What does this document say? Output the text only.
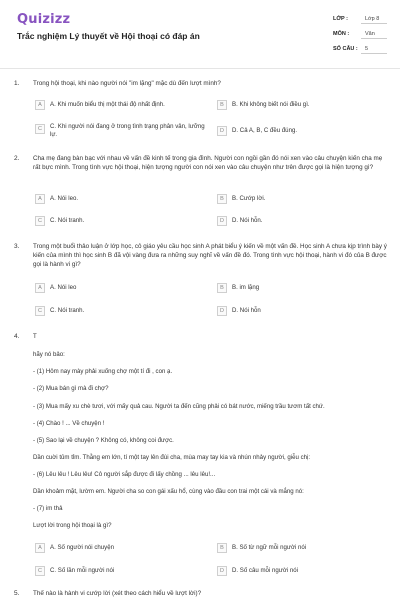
Quizizz
Trắc nghiệm Lý thuyết về Hội thoại có đáp án
LỚP :	Lớp 8
MÔN :	Văn
SỐ CÂU :	5
1. Trong hội thoại, khi nào người nói "im lặng" mặc dù đến lượt mình?
A	A. Khi muốn biểu thị một thái độ nhất định.	B	B. Khi không biết nói điều gì.
C	C. Khi người nói đang ở trong tình trạng phân vân, lưỡng lự.	D	D. Cả A, B, C đều đúng.
2. Cha mẹ đang bàn bạc với nhau về vấn đề kinh tế trong gia đình. Người con ngồi gần đó nói xen vào câu chuyện kiến cha mẹ rất bực mình. Trong tình vực hội thoại, hiện tượng người con nói xen vào câu chuyện như trên được gọi là hiện tượng gì?
A	A. Nói leo.	B	B. Cướp lời.
C	C. Nói tranh.	D	D. Nói hỗn.
3. Trong một buổi thảo luận ở lớp học, cô giáo yêu cầu học sinh A phát biểu ý kiến về một vấn đề. Học sinh A chưa kịp trình bày ý kiến của mình thì học sinh B đã vội vàng đưa ra những suy nghĩ về vấn đề đó. Trong tình vực hội thoại, hành vi đó của B được gọi là hành vi gì?
A	A. Nói leo	B	B. im lặng
C	C. Nói tranh.	D	D. Nói hỗn
4. T
hãy nó bảo:
- (1) Hôm nay mày phải xuống chợ một tí đi , con ạ.
- (2) Mua bán gì mà đi chợ?
- (3) Mua mấy xu chè tươi, với mấy quả cau. Người ta đến cũng phải có bát nước, miếng trầu tươm tất chứ.
- (4) Chào ! ... Về chuyện !
- (5) Sao lại về chuyện ? Không có, không coi được.
Dần cuời tủm tỉm. Thằng em lớn, tí một tay lên đùi cha, mùa may tay kia và nhún nhảy người, giễu chị:
- (6) Lêu lêu ! Lêu lêu! Cô người sắp được đi lấy chồng ... lêu lêu!...
Dần khoảm mặt, lườm em. Người cha so con gái xấu hổ, cùng vào đầu con trai một cái và mắng nó:
- (7) im thả
Lượt lời trong hội thoại là gì?
A	A. Số người nói chuyện	B	B. Số từ ngữ mỗi người nói
C	C. Số lần mỗi người nói	D	D. Số câu mỗi người nói
5. Thế nào là hành vi cướp lời (xét theo cách hiểu về lượt lời)?
